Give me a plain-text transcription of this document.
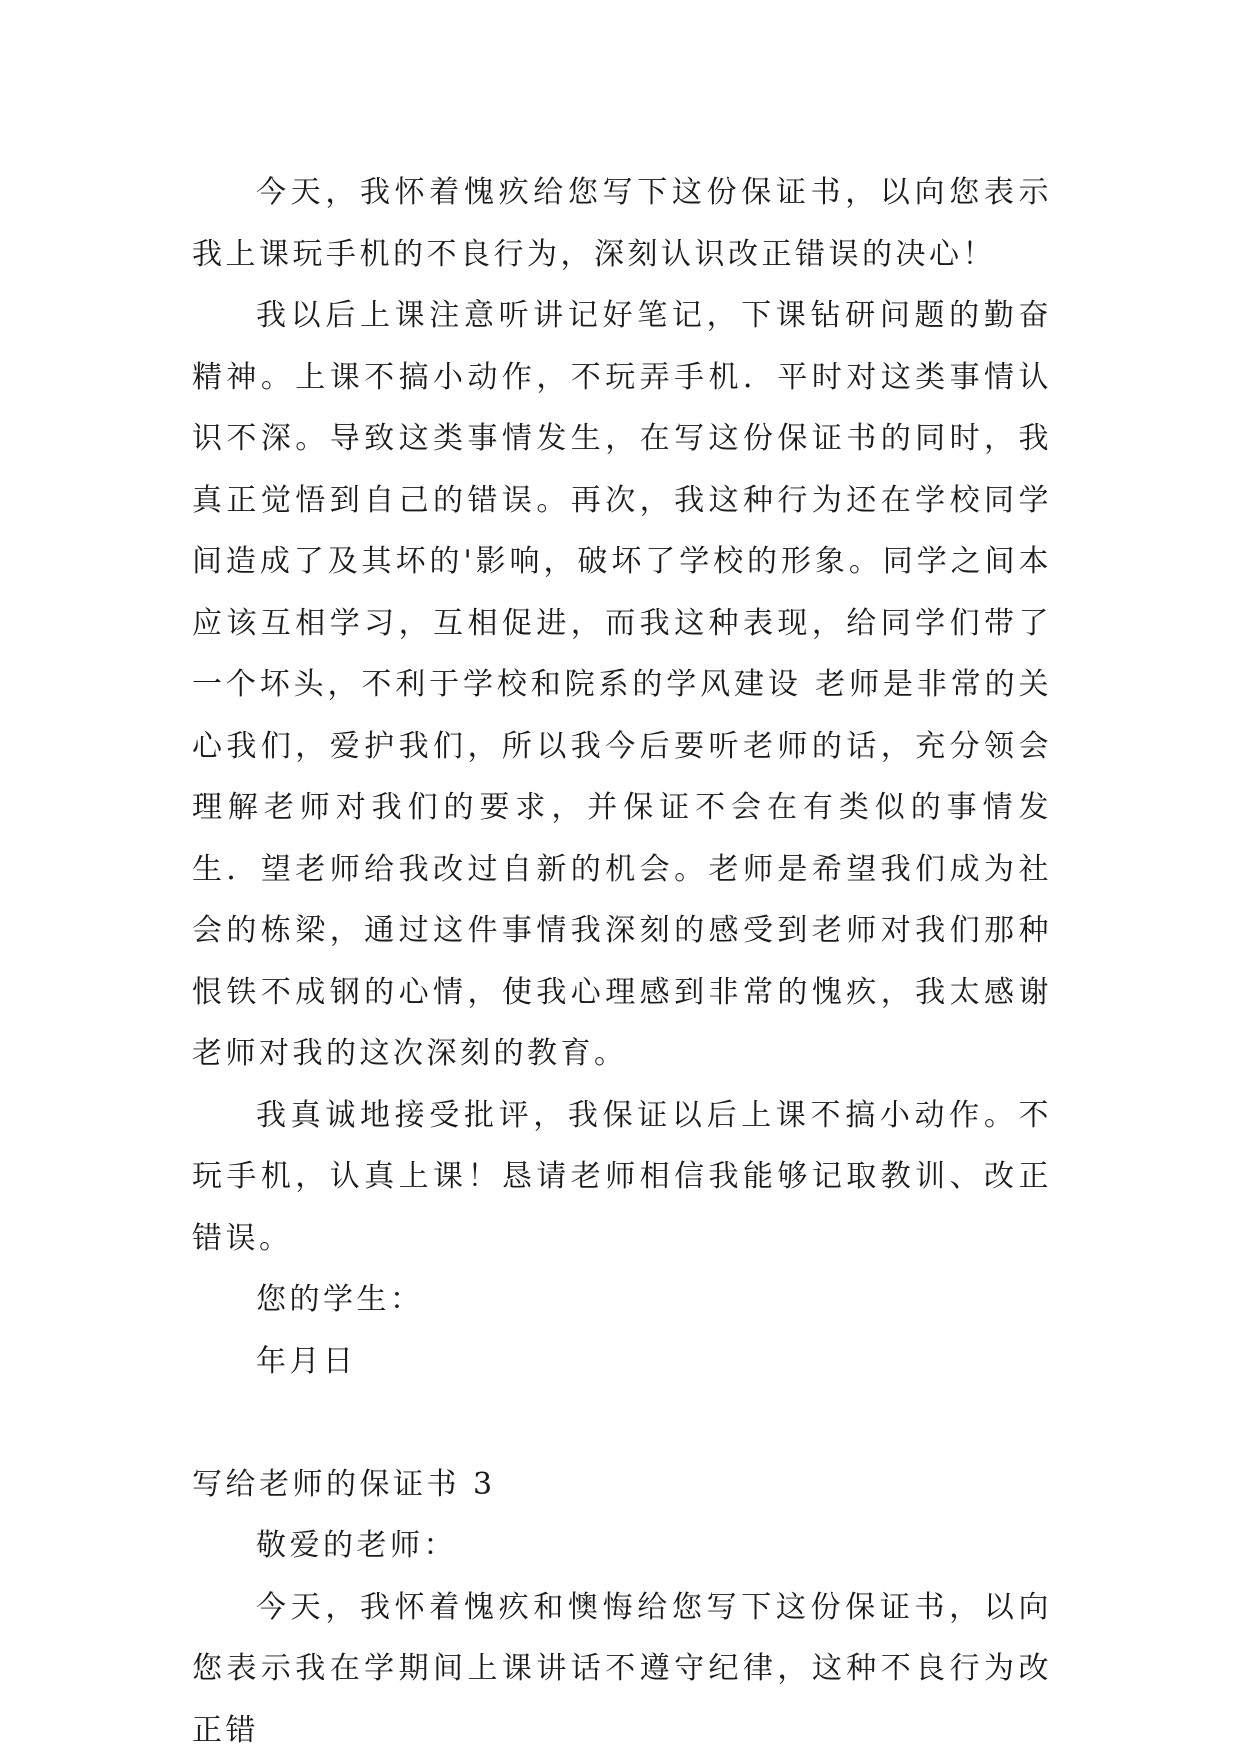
今天，我怀着愧疚给您写下这份保证书，以向您表示我上课玩手机的不良行为，深刻认识改正错误的决心！

我以后上课注意听讲记好笔记，下课钻研问题的勤奋精神。上课不搞小动作，不玩弄手机．平时对这类事情认识不深。导致这类事情发生，在写这份保证书的同时，我真正觉悟到自己的错误。再次，我这种行为还在学校同学间造成了及其坏的'影响，破坏了学校的形象。同学之间本应该互相学习，互相促进，而我这种表现，给同学们带了一个坏头，不利于学校和院系的学风建设 老师是非常的关心我们，爱护我们，所以我今后要听老师的话，充分领会理解老师对我们的要求，并保证不会在有类似的事情发生．望老师给我改过自新的机会。老师是希望我们成为社会的栋梁，通过这件事情我深刻的感受到老师对我们那种恨铁不成钢的心情，使我心理感到非常的愧疚，我太感谢老师对我的这次深刻的教育。

我真诚地接受批评，我保证以后上课不搞小动作。不玩手机，认真上课！恳请老师相信我能够记取教训、改正错误。

您的学生：

年月日

写给老师的保证书 3

敬爱的老师：

今天，我怀着愧疚和懊悔给您写下这份保证书，以向您表示我在学期间上课讲话不遵守纪律，这种不良行为改正错
